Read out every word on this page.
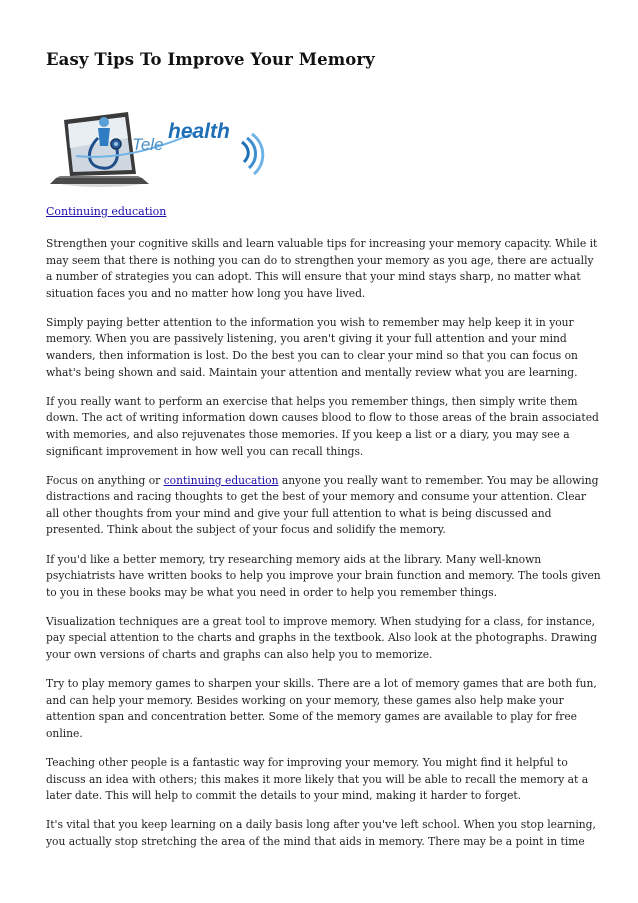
Easy Tips To Improve Your Memory
Tele
health
Continuing education

Strengthen your cognitive skills and learn valuable tips for increasing your memory capacity. While it may seem that there is nothing you can do to strengthen your memory as you age, there are actually a number of strategies you can adopt. This will ensure that your mind stays sharp, no matter what situation faces you and no matter how long you have lived.

Simply paying better attention to the information you wish to remember may help keep it in your memory. When you are passively listening, you aren't giving it your full attention and your mind wanders, then information is lost. Do the best you can to clear your mind so that you can focus on what's being shown and said. Maintain your attention and mentally review what you are learning.

If you really want to perform an exercise that helps you remember things, then simply write them down. The act of writing information down causes blood to flow to those areas of the brain associated with memories, and also rejuvenates those memories. If you keep a list or a diary, you may see a significant improvement in how well you can recall things.

Focus on anything or continuing education anyone you really want to remember. You may be allowing distractions and racing thoughts to get the best of your memory and consume your attention. Clear all other thoughts from your mind and give your full attention to what is being discussed and presented. Think about the subject of your focus and solidify the memory.

If you'd like a better memory, try researching memory aids at the library. Many well-known psychiatrists have written books to help you improve your brain function and memory. The tools given to you in these books may be what you need in order to help you remember things.

Visualization techniques are a great tool to improve memory. When studying for a class, for instance, pay special attention to the charts and graphs in the textbook. Also look at the photographs. Drawing your own versions of charts and graphs can also help you to memorize.

Try to play memory games to sharpen your skills. There are a lot of memory games that are both fun, and can help your memory. Besides working on your memory, these games also help make your attention span and concentration better. Some of the memory games are available to play for free online.

Teaching other people is a fantastic way for improving your memory. You might find it helpful to discuss an idea with others; this makes it more likely that you will be able to recall the memory at a later date. This will help to commit the details to your mind, making it harder to forget.

It's vital that you keep learning on a daily basis long after you've left school. When you stop learning, you actually stop stretching the area of the mind that aids in memory. There may be a point in time
